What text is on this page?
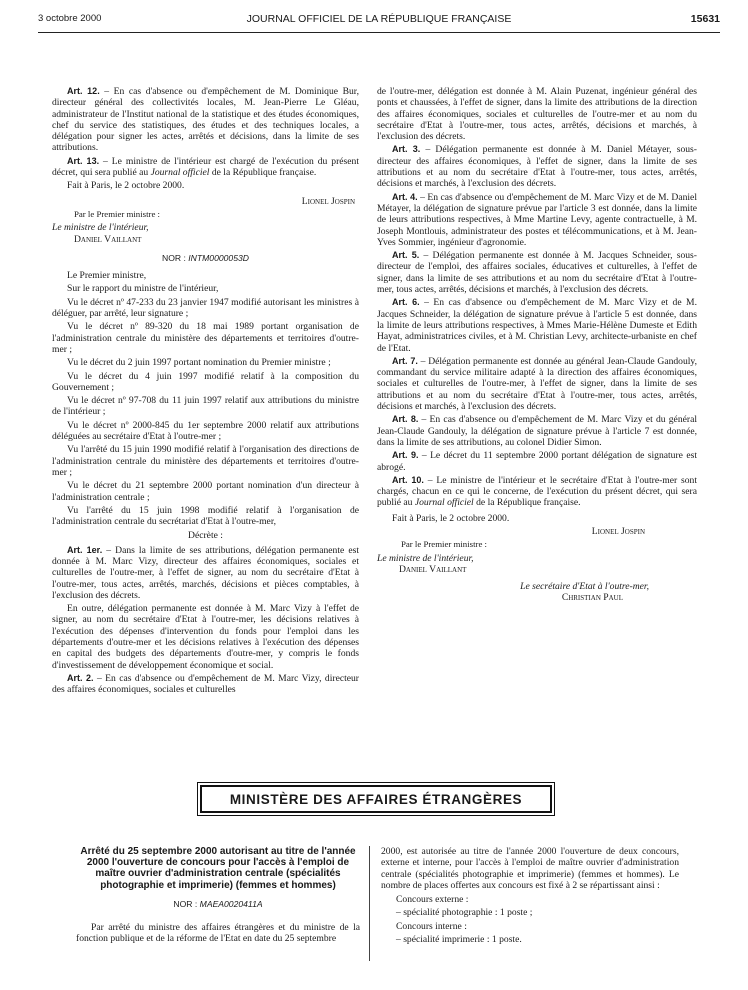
3 octobre 2000	JOURNAL OFFICIEL DE LA RÉPUBLIQUE FRANÇAISE	15631

Art. 12. – En cas d'absence ou d'empêchement de M. Dominique Bur, directeur général des collectivités locales, M. Jean-Pierre Le Gléau, administrateur de l'Institut national de la statistique et des études économiques, chef du service des statistiques, des études et des techniques locales, a délégation pour signer les actes, arrêtés et décisions, dans la limite de ses attributions.

Art. 13. – Le ministre de l'intérieur est chargé de l'exécution du présent décret, qui sera publié au Journal officiel de la République française.

Fait à Paris, le 2 octobre 2000.

Lionel Jospin

Par le Premier ministre :

Le ministre de l'intérieur,

Daniel Vaillant

NOR : INTM0000053D

Le Premier ministre,

Sur le rapport du ministre de l'intérieur,

Vu le décret nº 47-233 du 23 janvier 1947 modifié autorisant les ministres à déléguer, par arrêté, leur signature ;

Vu le décret nº 89-320 du 18 mai 1989 portant organisation de l'administration centrale du ministère des départements et territoires d'outre-mer ;

Vu le décret du 2 juin 1997 portant nomination du Premier ministre ;

Vu le décret du 4 juin 1997 modifié relatif à la composition du Gouvernement ;

Vu le décret nº 97-708 du 11 juin 1997 relatif aux attributions du ministre de l'intérieur ;

Vu le décret nº 2000-845 du 1er septembre 2000 relatif aux attributions déléguées au secrétaire d'Etat à l'outre-mer ;

Vu l'arrêté du 15 juin 1990 modifié relatif à l'organisation des directions de l'administration centrale du ministère des départements et territoires d'outre-mer ;

Vu le décret du 21 septembre 2000 portant nomination d'un directeur à l'administration centrale ;

Vu l'arrêté du 15 juin 1998 modifié relatif à l'organisation de l'administration centrale du secrétariat d'Etat à l'outre-mer,

Décrète :

Art. 1er. – Dans la limite de ses attributions, délégation permanente est donnée à M. Marc Vizy, directeur des affaires économiques, sociales et culturelles de l'outre-mer, à l'effet de signer, au nom du secrétaire d'Etat à l'outre-mer, tous actes, arrêtés, marchés, décisions et pièces comptables, à l'exclusion des décrets.

En outre, délégation permanente est donnée à M. Marc Vizy à l'effet de signer, au nom du secrétaire d'Etat à l'outre-mer, les décisions relatives à l'exécution des dépenses d'intervention du fonds pour l'emploi dans les départements d'outre-mer et les décisions relatives à l'exécution des dépenses en capital des budgets des départements d'outre-mer, y compris le fonds d'investissement de développement économique et social.

Art. 2. – En cas d'absence ou d'empêchement de M. Marc Vizy, directeur des affaires économiques, sociales et culturelles

de l'outre-mer, délégation est donnée à M. Alain Puzenat, ingénieur général des ponts et chaussées, à l'effet de signer, dans la limite des attributions de la direction des affaires économiques, sociales et culturelles de l'outre-mer et au nom du secrétaire d'Etat à l'outre-mer, tous actes, arrêtés, décisions et marchés, à l'exclusion des décrets.

Art. 3. – Délégation permanente est donnée à M. Daniel Métayer, sous-directeur des affaires économiques, à l'effet de signer, dans la limite de ses attributions et au nom du secrétaire d'Etat à l'outre-mer, tous actes, arrêtés, décisions et marchés, à l'exclusion des décrets.

Art. 4. – En cas d'absence ou d'empêchement de M. Marc Vizy et de M. Daniel Métayer, la délégation de signature prévue par l'article 3 est donnée, dans la limite de leurs attributions respectives, à Mme Martine Levy, agente contractuelle, à M. Joseph Montlouis, administrateur des postes et télécommunications, et à M. Jean-Yves Sommier, ingénieur d'agronomie.

Art. 5. – Délégation permanente est donnée à M. Jacques Schneider, sous-directeur de l'emploi, des affaires sociales, éducatives et culturelles, à l'effet de signer, dans la limite de ses attributions et au nom du secrétaire d'Etat à l'outre-mer, tous actes, arrêtés, décisions et marchés, à l'exclusion des décrets.

Art. 6. – En cas d'absence ou d'empêchement de M. Marc Vizy et de M. Jacques Schneider, la délégation de signature prévue à l'article 5 est donnée, dans la limite de leurs attributions respectives, à Mmes Marie-Hélène Dumeste et Edith Hayat, administratrices civiles, et à M. Christian Levy, architecte-urbaniste en chef de l'Etat.

Art. 7. – Délégation permanente est donnée au général Jean-Claude Gandouly, commandant du service militaire adapté à la direction des affaires économiques, sociales et culturelles de l'outre-mer, à l'effet de signer, dans la limite de ses attributions et au nom du secrétaire d'Etat à l'outre-mer, tous actes, arrêtés, décisions et marchés, à l'exclusion des décrets.

Art. 8. – En cas d'absence ou d'empêchement de M. Marc Vizy et du général Jean-Claude Gandouly, la délégation de signature prévue à l'article 7 est donnée, dans la limite de ses attributions, au colonel Didier Simon.

Art. 9. – Le décret du 11 septembre 2000 portant délégation de signature est abrogé.

Art. 10. – Le ministre de l'intérieur et le secrétaire d'Etat à l'outre-mer sont chargés, chacun en ce qui le concerne, de l'exécution du présent décret, qui sera publié au Journal officiel de la République française.

Fait à Paris, le 2 octobre 2000.

Lionel Jospin

Par le Premier ministre :

Le ministre de l'intérieur,

Daniel Vaillant

Le secrétaire d'Etat à l'outre-mer,

Christian Paul

MINISTÈRE DES AFFAIRES ÉTRANGÈRES
Arrêté du 25 septembre 2000 autorisant au titre de l'année 2000 l'ouverture de concours pour l'accès à l'emploi de maître ouvrier d'administration centrale (spécialités photographie et imprimerie) (femmes et hommes)
NOR : MAEA0020411A

Par arrêté du ministre des affaires étrangères et du ministre de la fonction publique et de la réforme de l'Etat en date du 25 septembre

2000, est autorisée au titre de l'année 2000 l'ouverture de deux concours, externe et interne, pour l'accès à l'emploi de maître ouvrier d'administration centrale (spécialités photographie et imprimerie) (femmes et hommes). Le nombre de places offertes aux concours est fixé à 2 se répartissant ainsi :

Concours externe :

– spécialité photographie : 1 poste ;

Concours interne :

– spécialité imprimerie : 1 poste.
